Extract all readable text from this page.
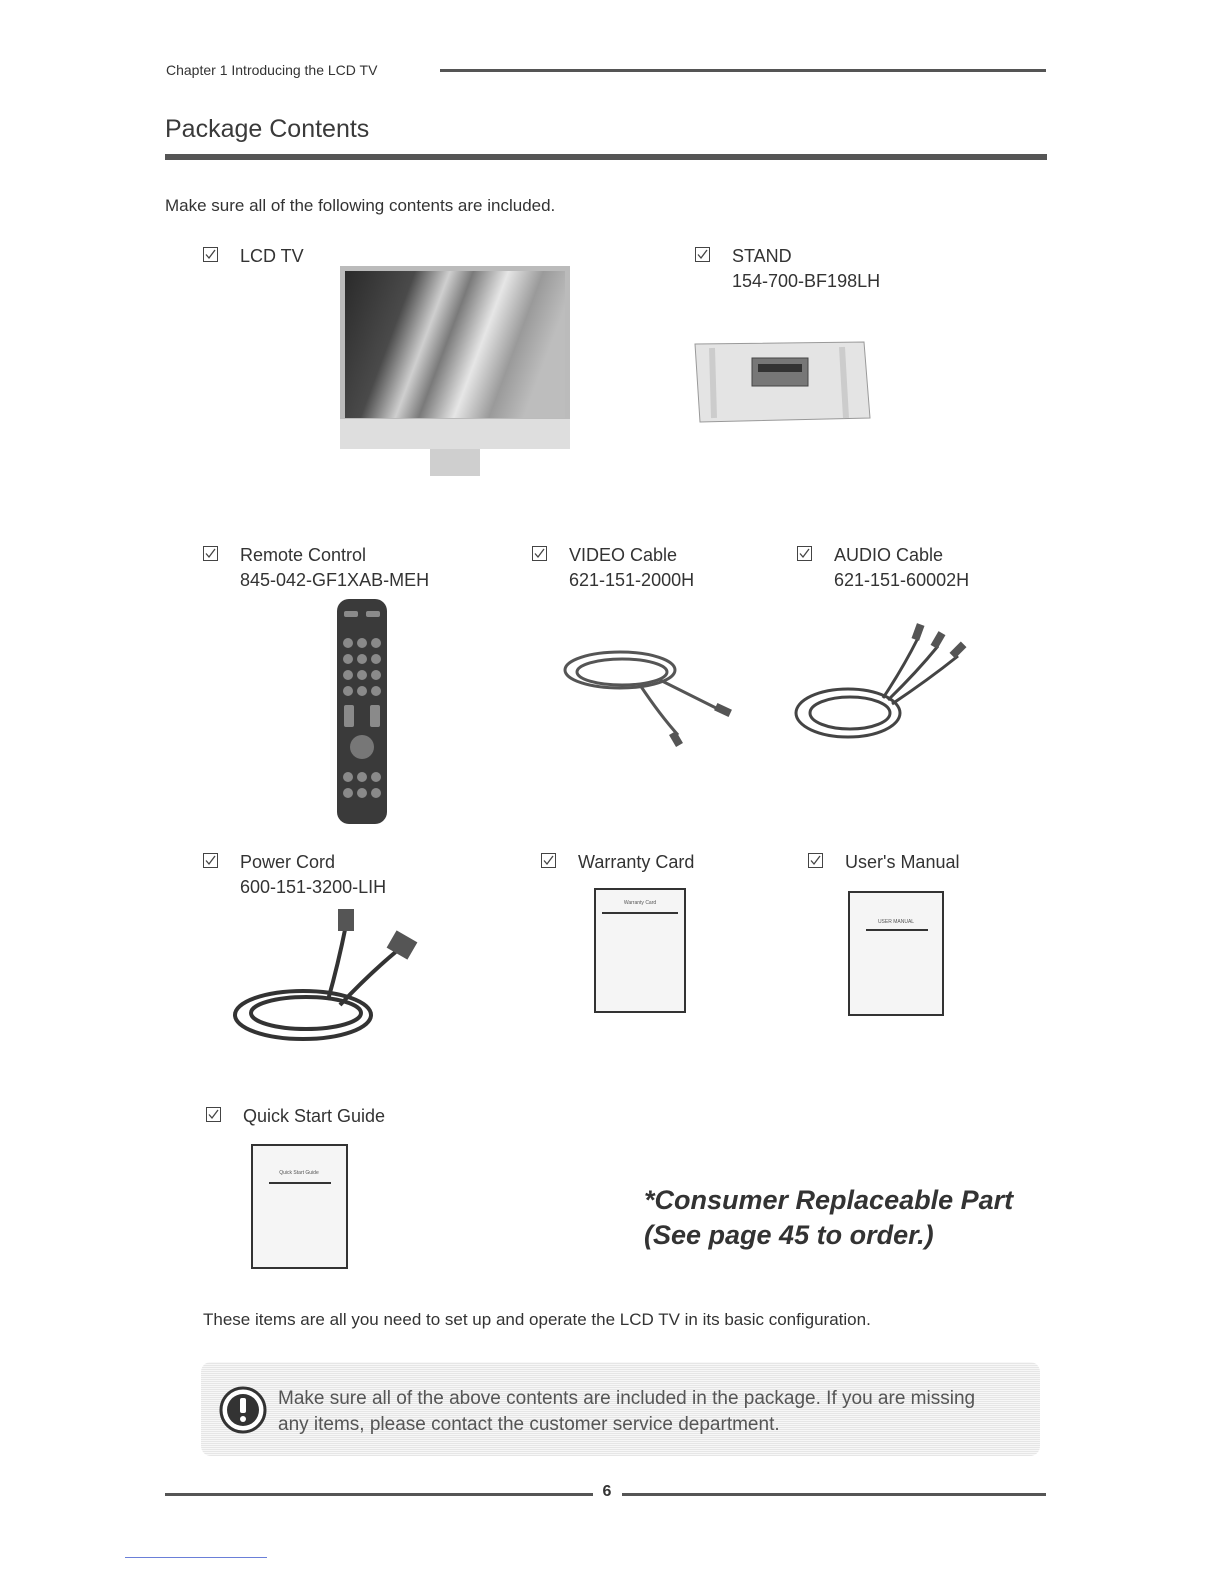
Chapter 1 Introducing the LCD TV
Package Contents
Make sure all of the following contents are included.
LCD TV	STAND
154-700-BF198LH
Remote Control
845-042-GF1XAB-MEH
VIDEO Cable
621-151-2000H
AUDIO Cable
621-151-60002H
Power Cord
600-151-3200-LIH
Warranty Card	User's Manual
Quick Start Guide
Warranty Card
USER MANUAL
Quick Start Guide
*Consumer Replaceable Part
(See page 45 to order.)
These items are all you need to set up and operate the LCD TV in its basic configuration.
Make sure all of the above contents are included in the package. If you are missing
any items, please contact the customer service department.
6
